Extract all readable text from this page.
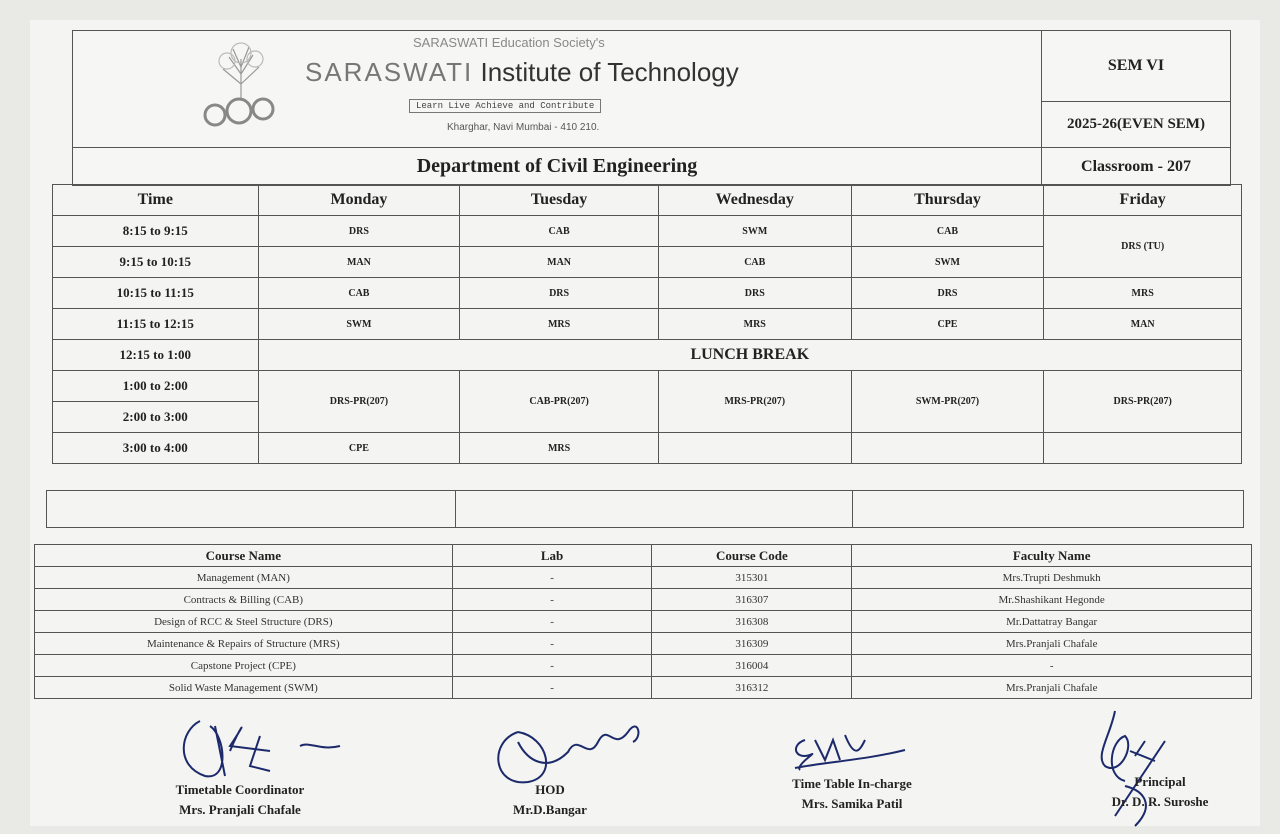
SARASWATI Education Society's
SARASWATI Institute of Technology
Learn Live Achieve and Contribute
Kharghar, Navi Mumbai - 410 210.
SEM VI
2025-26(EVEN SEM)
Department of Civil Engineering	Classroom - 207
Time	Monday	Tuesday	Wednesday	Thursday	Friday
8:15 to 9:15	DRS	CAB	SWM	CAB	DRS (TU)
9:15 to 10:15	MAN	MAN	CAB	SWM	
10:15 to 11:15	CAB	DRS	DRS	DRS	MRS
11:15 to 12:15	SWM	MRS	MRS	CPE	MAN
12:15 to 1:00	LUNCH BREAK				
1:00 to 2:00	DRS-PR(207)	CAB-PR(207)	MRS-PR(207)	SWM-PR(207)	DRS-PR(207)
2:00 to 3:00					
3:00 to 4:00	CPE	MRS			

Course Name	Lab	Course Code	Faculty Name
Management (MAN)	-	315301	Mrs.Trupti Deshmukh
Contracts & Billing (CAB)	-	316307	Mr.Shashikant Hegonde
Design of RCC & Steel Structure (DRS)	-	316308	Mr.Dattatray Bangar
Maintenance & Repairs of Structure (MRS)	-	316309	Mrs.Pranjali Chafale
Capstone Project (CPE)	-	316004	-
Solid Waste Management (SWM)	-	316312	Mrs.Pranjali Chafale
Timetable Coordinator
Mrs. Pranjali Chafale
HOD
Mr.D.Bangar
Time Table In-charge
Mrs. Samika Patil
Principal
Dr. D. R. Suroshe
